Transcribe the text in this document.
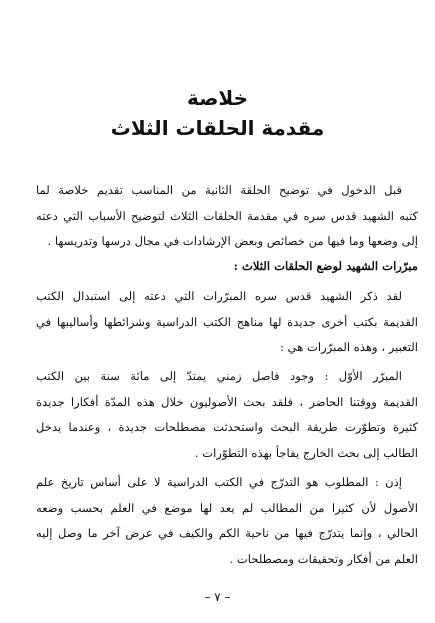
خلاصة
مقدمة الحلقات الثلاث

قبل الدخول في توضيح الحلقة الثانية من المناسب تقديم خلاصة لما
كتبه الشهيد قدس سره في مقدمة الحلقات الثلاث لتوضيح الأسباب التي دعته
إلى وضعها وما فيها من خصائص وبعض الإرشادات في مجال درسها وتدريسها .

مبرّرات الشهيد لوضع الحلقات الثلاث :

لقد ذكر الشهيد قدس سره المبرّرات التي دعته إلى استبدال الكتب
القديمة بكتب أخرى جديدة لها مناهج الكتب الدراسية وشرائطها وأساليبها في
التعبير ، وهذه المبرّرات هي :

المبرّر الأوّل : وجود فاصل زمني يمتدّ إلى مائة سنة بين الكتب
القديمة ووقتنا الحاضر ، فلقد بحث الأصوليون خلال هذه المدّة أفكارا جديدة
كثيرة وتطوّرت طريقة البحث واستحدثت مصطلحات جديدة ، وعندما يدخل
الطالب إلى بحث الخارج يفاجأ بهذه التطوّرات .

إذن : المطلوب هو التدرّج في الكتب الدراسية لا على أساس تاريخ علم
الأصول لأن كثيرا من المطالب لم يعد لها موضع في العلم بحسب وضعه
الحالي ، وإنما يتدرّج فيها من ناحية الكم والكيف في عرض آخر ما وصل إليه
العلم من أفكار وتحقيقات ومصطلحات .

– ٧ –
